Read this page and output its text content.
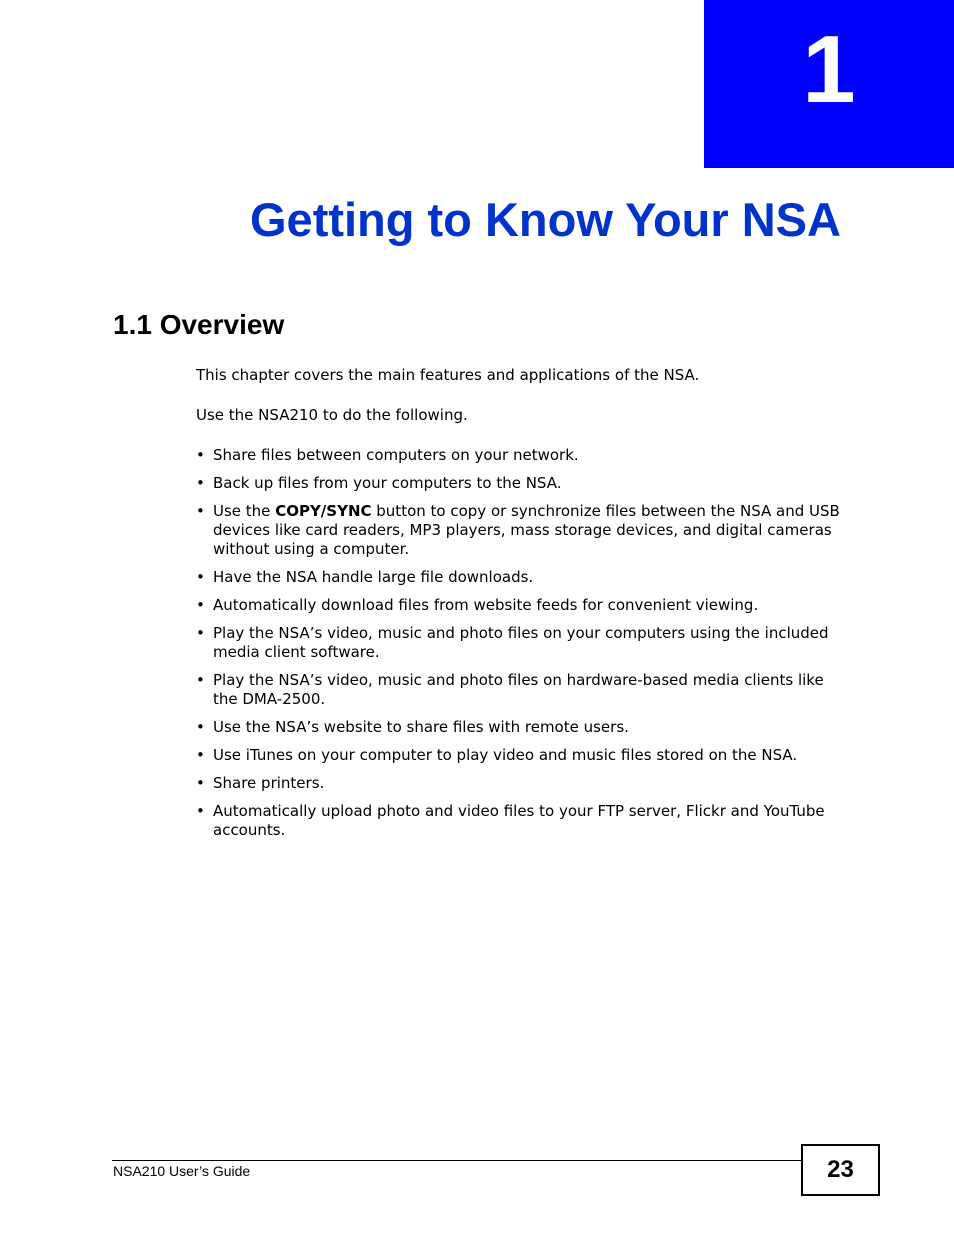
1
Getting to Know Your NSA
1.1 Overview

This chapter covers the main features and applications of the NSA.

Use the NSA210 to do the following.

• Share files between computers on your network.
• Back up files from your computers to the NSA.
• Use the COPY/SYNC button to copy or synchronize files between the NSA and USB devices like card readers, MP3 players, mass storage devices, and digital cameras without using a computer.
• Have the NSA handle large file downloads.
• Automatically download files from website feeds for convenient viewing.
• Play the NSA’s video, music and photo files on your computers using the included media client software.
• Play the NSA’s video, music and photo files on hardware-based media clients like the DMA-2500.
• Use the NSA’s website to share files with remote users.
• Use iTunes on your computer to play video and music files stored on the NSA.
• Share printers.
• Automatically upload photo and video files to your FTP server, Flickr and YouTube accounts.
NSA210 User’s Guide	23
